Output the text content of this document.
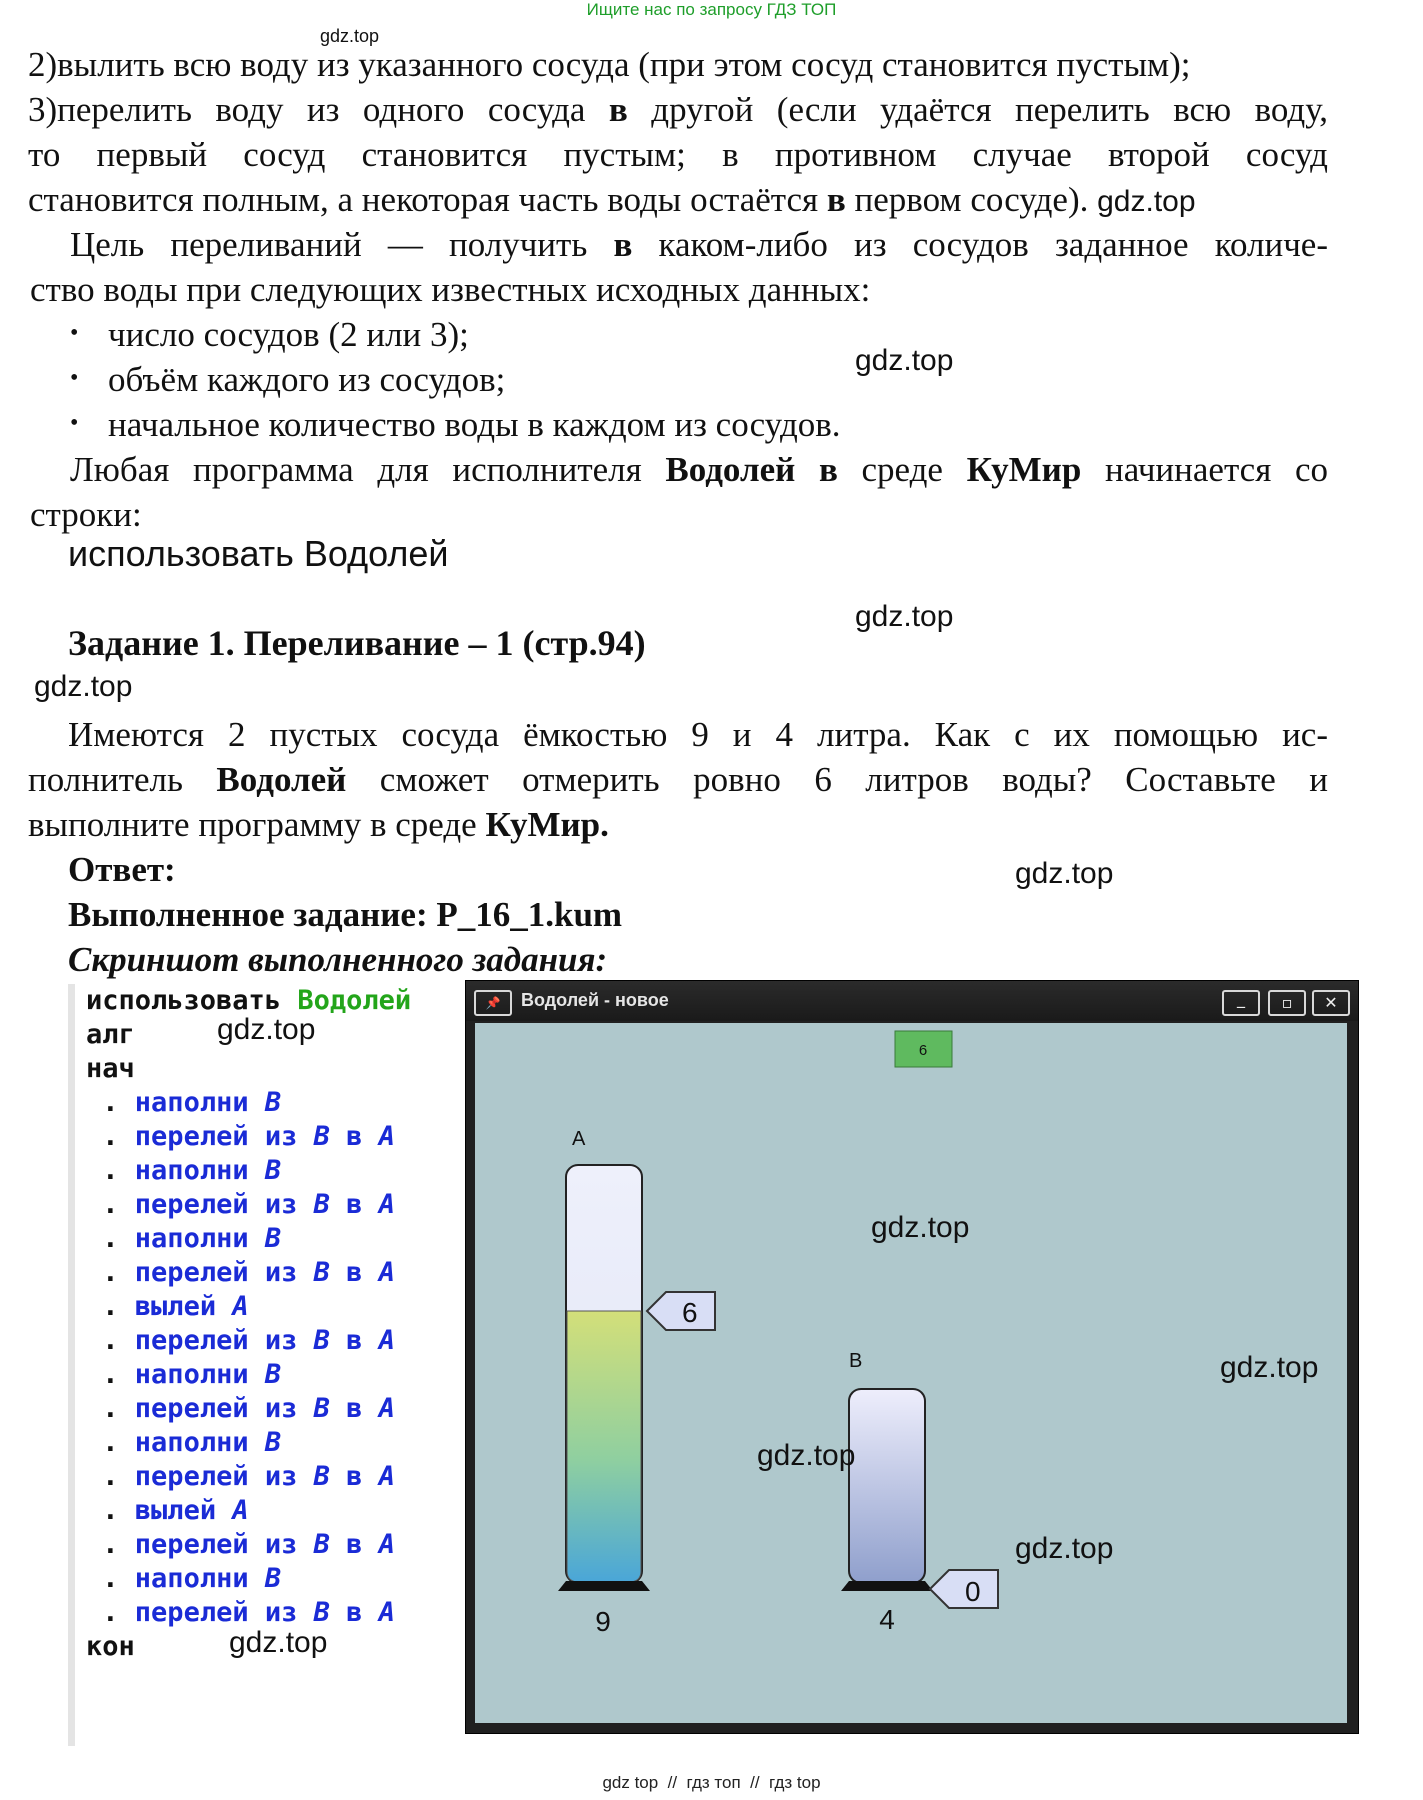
Ищите нас по запросу ГДЗ ТОП
gdz.top
2)вылить всю воду из указанного сосуда (при этом сосуд становится пустым);
3)перелить воду из одного сосуда в другой (если удаётся перелить всю воду,
то первый сосуд становится пустым; в противном случае второй сосуд
становится полным, а некоторая часть воды остаётся в первом сосуде). gdz.top
Цель переливаний — получить в каком-либо из сосудов заданное количе-
ство воды при следующих известных исходных данных:
• число сосудов (2 или 3);
• объём каждого из сосудов;
• начальное количество воды в каждом из сосудов.
gdz.top
Любая программа для исполнителя Водолей в среде КуМир начинается со
строки:
использовать Водолей
gdz.top
Задание 1. Переливание – 1 (стр.94)
gdz.top
Имеются 2 пустых сосуда ёмкостью 9 и 4 литра. Как с их помощью ис-
полнитель Водолей сможет отмерить ровно 6 литров воды? Составьте и
выполните программу в среде КуМир.
Ответ:	gdz.top
Выполненное задание: P_16_1.kum
Скриншот выполненного задания:
использовать Водолей
алг
нач
. наполни B
. перелей из B в A
. наполни B
. перелей из B в A
. наполни B
. перелей из B в A
. вылей A
. перелей из B в A
. наполни B
. перелей из B в A
. наполни B
. перелей из B в A
. вылей A
. перелей из B в A
. наполни B
. перелей из B в A
кон
gdz.top
gdz.top
📌	Водолей - новое	_	▫	✕
6
A
6
9
B
0
4
gdz.top
gdz.top
gdz.top
gdz.top
gdz top  //  гдз топ  //  гдз top
